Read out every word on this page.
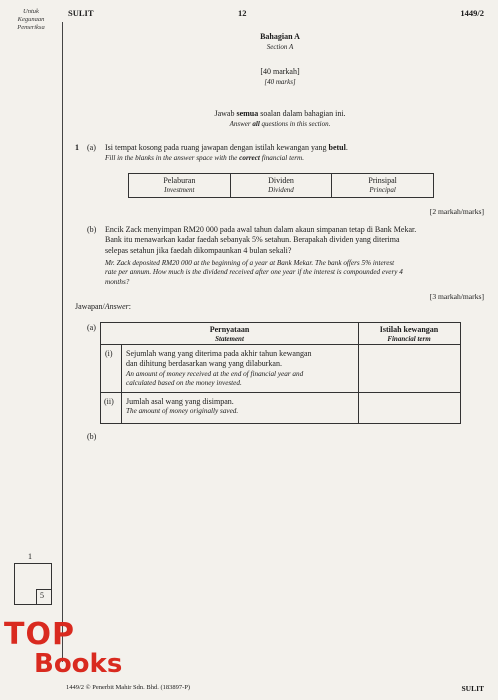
Untuk
Kegunaan
Pemeriksa
SULIT	12	1449/2
Bahagian A
Section A
[40 markah]
[40 marks]
Jawab semua soalan dalam bahagian ini.
Answer all questions in this section.
1 (a) Isi tempat kosong pada ruang jawapan dengan istilah kewangan yang betul.
Fill in the blanks in the answer space with the correct financial term.
Pelaburan
Investment

Dividen
Dividend

Prinsipal
Principal
[2 markah/marks]
(b) Encik Zack menyimpan RM20 000 pada awal tahun dalam akaun simpanan tetap di Bank Mekar.
Bank itu menawarkan kadar faedah sebanyak 5% setahun. Berapakah dividen yang diterima
selepas setahun jika faedah dikompaunkan 4 bulan sekali?
Mr. Zack deposited RM20 000 at the beginning of a year at Bank Mekar. The bank offers 5% interest
rate per annum. How much is the dividend received after one year if the interest is compounded every 4
months?
[3 markah/marks]
Jawapan/Answer:
(a)	Pernyataan
Statement
Istilah kewangan
Financial term
(i) Sejumlah wang yang diterima pada akhir tahun kewangan
dan dihitung berdasarkan wang yang dilaburkan.
An amount of money received at the end of financial year and
calculated based on the money invested.
(ii) Jumlah asal wang yang disimpan.
The amount of money originally saved.
(b)
1
5
TOP
Books
1449/2 © Penerbit Mahir Sdn. Bhd. (183897-P)	SULIT
